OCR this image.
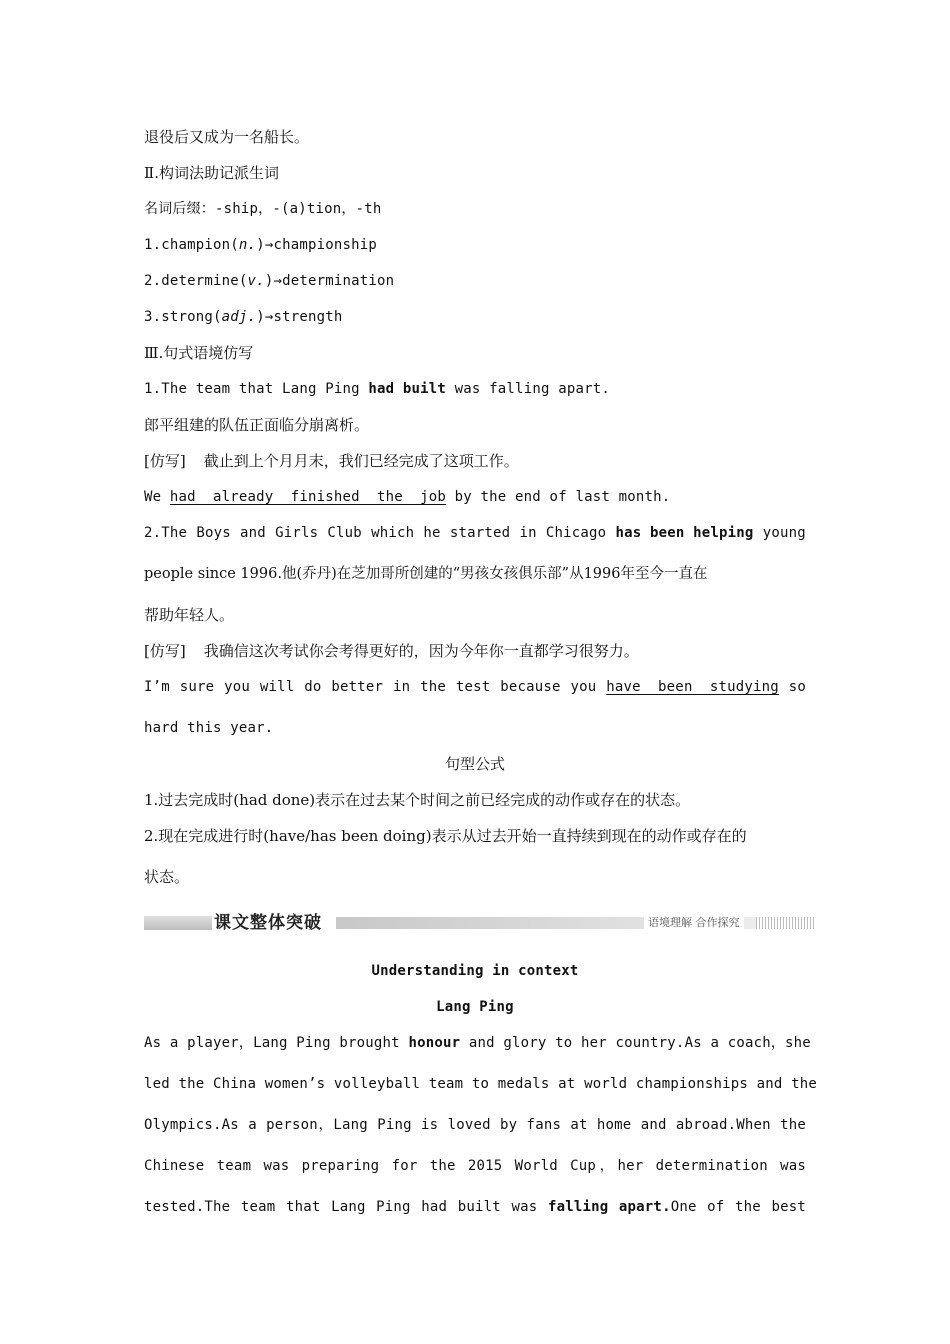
退役后又成为一名船长。
Ⅱ.构词法助记派生词
名词后缀：-ship，-(a)tion，-th
1.champion(n.)→championship
2.determine(v.)→determination
3.strong(adj.)→strength
Ⅲ.句式语境仿写
1.The team that Lang Ping had built was falling apart.
郎平组建的队伍正面临分崩离析。
[仿写] 截止到上个月月末，我们已经完成了这项工作。
We had  already  finished  the  job by the end of last month.
2.The Boys and Girls Club which he started in Chicago has been helping young
people since 1996.他(乔丹)在芝加哥所创建的“男孩女孩俱乐部”从1996年至今一直在
帮助年轻人。
[仿写] 我确信这次考试你会考得更好的，因为今年你一直都学习很努力。
I’m sure you will do better in the test because you have  been  studying so
hard this year.
句型公式
1.过去完成时(had done)表示在过去某个时间之前已经完成的动作或存在的状态。
2.现在完成进行时(have/has been doing)表示从过去开始一直持续到现在的动作或存在的
状态。
课文整体突破	语境理解 合作探究
Understanding in context
Lang Ping
As a player，Lang Ping brought honour and glory to her country.As a coach，she
led the China women’s volleyball team to medals at world championships and the
Olympics.As a person，Lang Ping is loved by fans at home and abroad.When the
Chinese team was preparing for the 2015 World Cup，her determination was
tested.The team that Lang Ping had built was falling apart.One of the best
